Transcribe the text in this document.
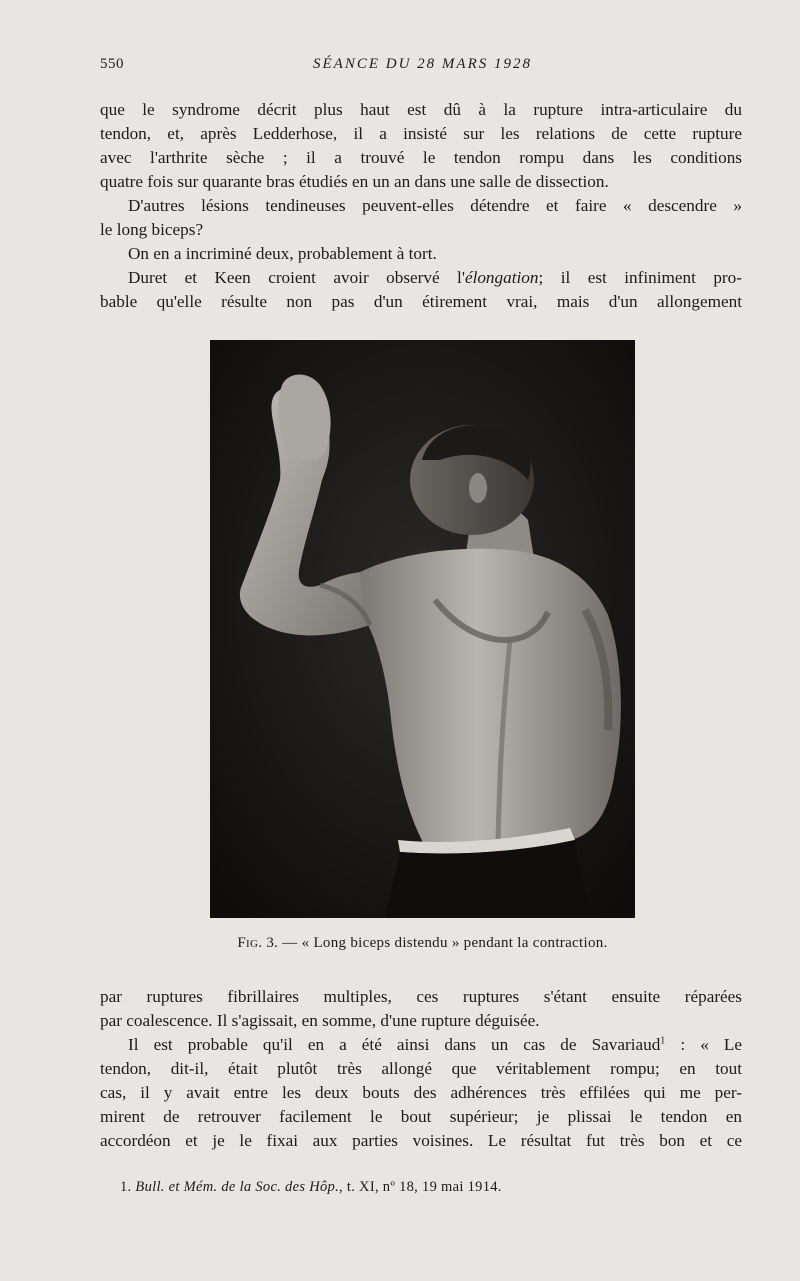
550	SÉANCE DU 28 MARS 1928

que le syndrome décrit plus haut est dû à la rupture intra-articulaire du

tendon, et, après Ledderhose, il a insisté sur les relations de cette rupture

avec l'arthrite sèche ; il a trouvé le tendon rompu dans les conditions

quatre fois sur quarante bras étudiés en un an dans une salle de dissection.

D'autres lésions tendineuses peuvent-elles détendre et faire « descendre »

le long biceps?

On en a incriminé deux, probablement à tort.

Duret et Keen croient avoir observé l'élongation; il est infiniment pro-

bable qu'elle résulte non pas d'un étirement vrai, mais d'un allongement

Fig. 3. — « Long biceps distendu » pendant la contraction.

par ruptures fibrillaires multiples, ces ruptures s'étant ensuite réparées

par coalescence. Il s'agissait, en somme, d'une rupture déguisée.

Il est probable qu'il en a été ainsi dans un cas de Savariaud$^1$ : « Le

tendon, dit-il, était plutôt très allongé que véritablement rompu; en tout

cas, il y avait entre les deux bouts des adhérences très effilées qui me per-

mirent de retrouver facilement le bout supérieur; je plissai le tendon en

accordéon et je le fixai aux parties voisines. Le résultat fut très bon et ce

1. Bull. et Mém. de la Soc. des Hôp., t. XI, nº 18, 19 mai 1914.
